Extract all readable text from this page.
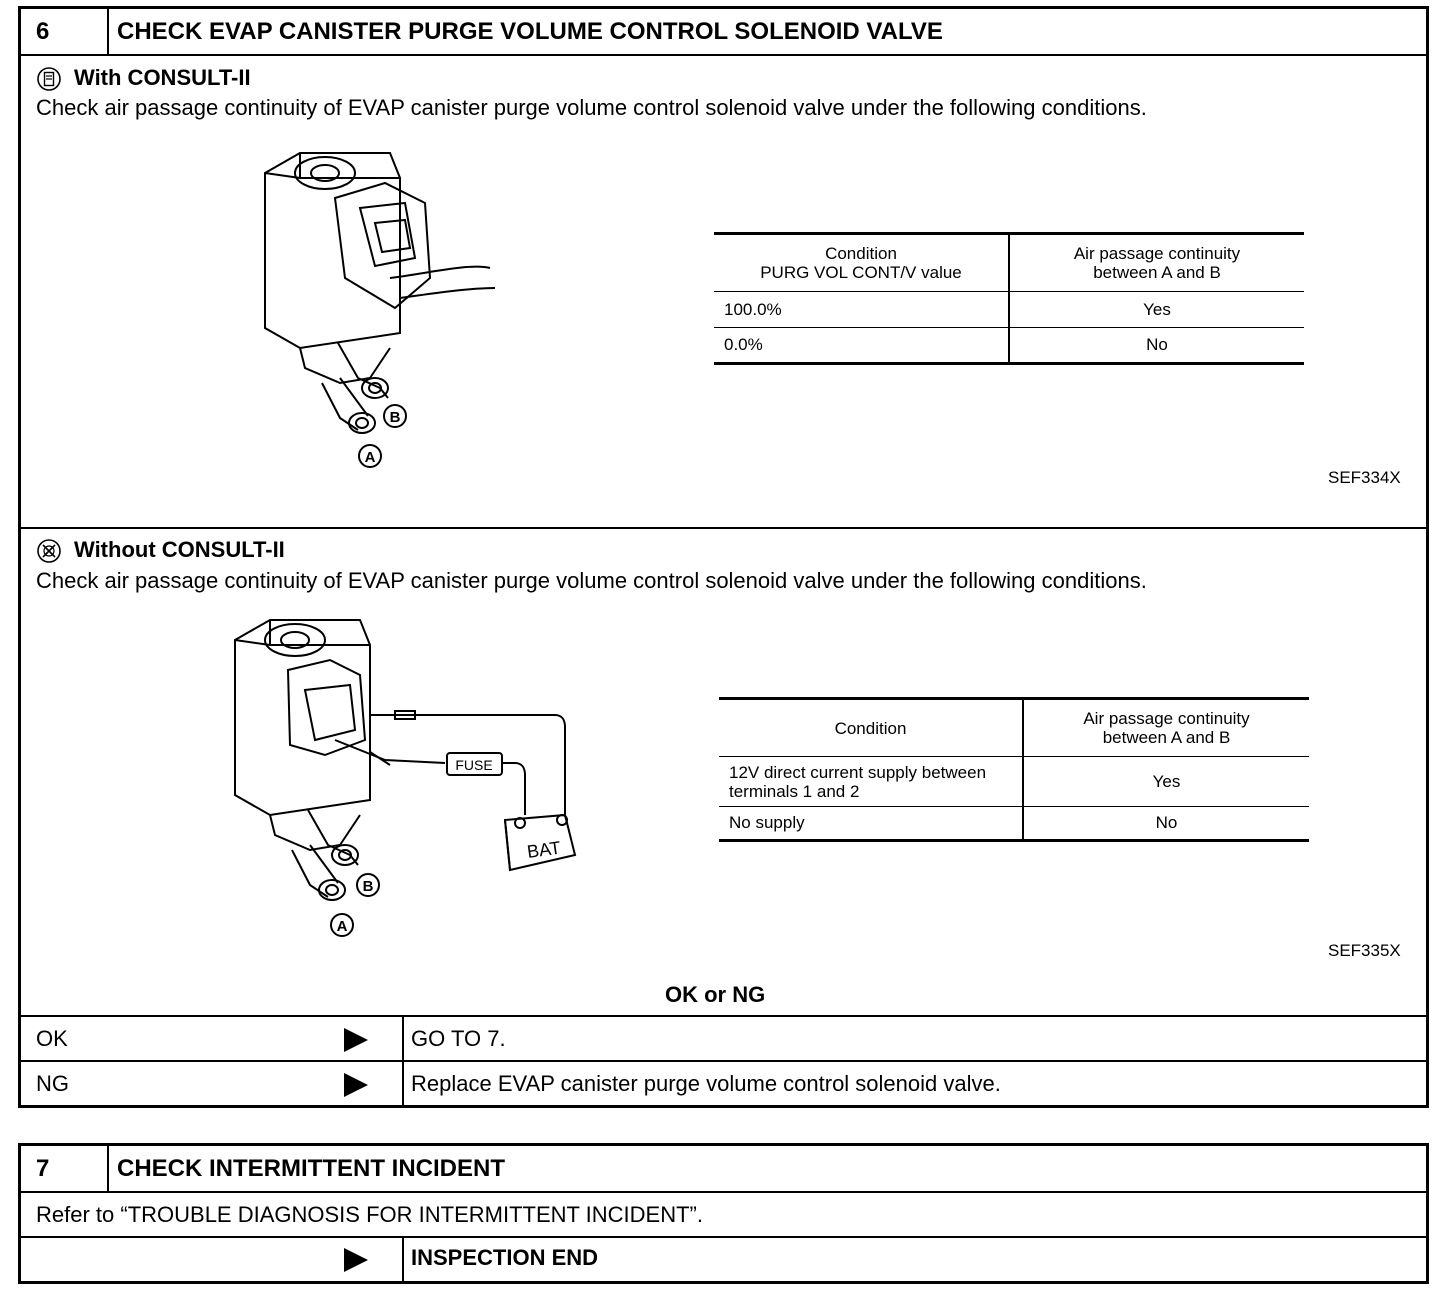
6	CHECK EVAP CANISTER PURGE VOLUME CONTROL SOLENOID VALVE
With CONSULT-II
Check air passage continuity of EVAP canister purge volume control solenoid valve under the following conditions.
B
A
Condition
PURG VOL CONT/V value	Air passage continuity
between A and B
100.0%	Yes
0.0%	No
SEF334X
Without CONSULT-II
Check air passage continuity of EVAP canister purge volume control solenoid valve under the following conditions.
FUSE
BAT
B
A
Condition	Air passage continuity
between A and B
12V direct current supply between
terminals 1 and 2	Yes
No supply	No
SEF335X
OK or NG
OK	GO TO 7.
NG	Replace EVAP canister purge volume control solenoid valve.
7	CHECK INTERMITTENT INCIDENT
Refer to “TROUBLE DIAGNOSIS FOR INTERMITTENT INCIDENT”.
INSPECTION END
